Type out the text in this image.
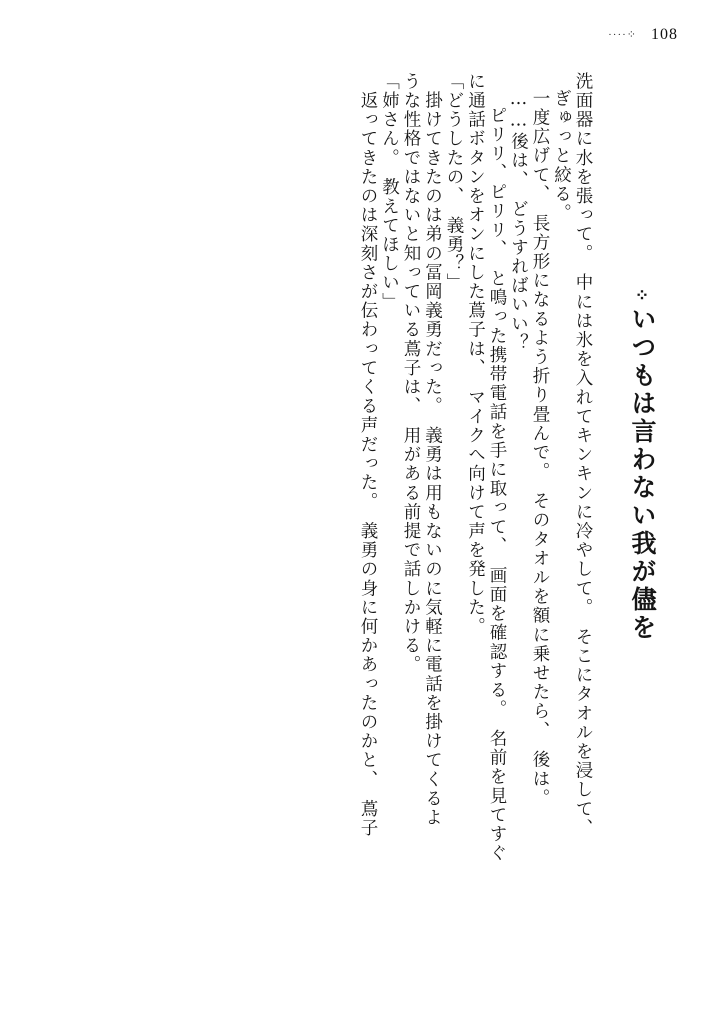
····⁘ 108

⁘いつもは言わない我が儘を

洗面器に水を張って。　中には氷を入れてキンキンに冷やして。　そこにタオルを浸して、
ぎゅっと絞る。
一度広げて、　長方形になるよう折り畳んで。　そのタオルを額に乗せたら、　後は。
……後は、　どうすればいい？
ピリリ、ピリリ、　と鳴った携帯電話を手に取って、　画面を確認する。　名前を見てすぐ
に通話ボタンをオンにした蔦子は、　マイクへ向けて声を発した。
「どうしたの、　義勇？」
　掛けてきたのは弟の冨岡義勇だった。　義勇は用もないのに気軽に電話を掛けてくるよ
うな性格ではないと知っている蔦子は、　用がある前提で話しかける。
「姉さん。　教えてほしい」
　返ってきたのは深刻さが伝わってくる声だった。　義勇の身に何かあったのかと、　蔦子
